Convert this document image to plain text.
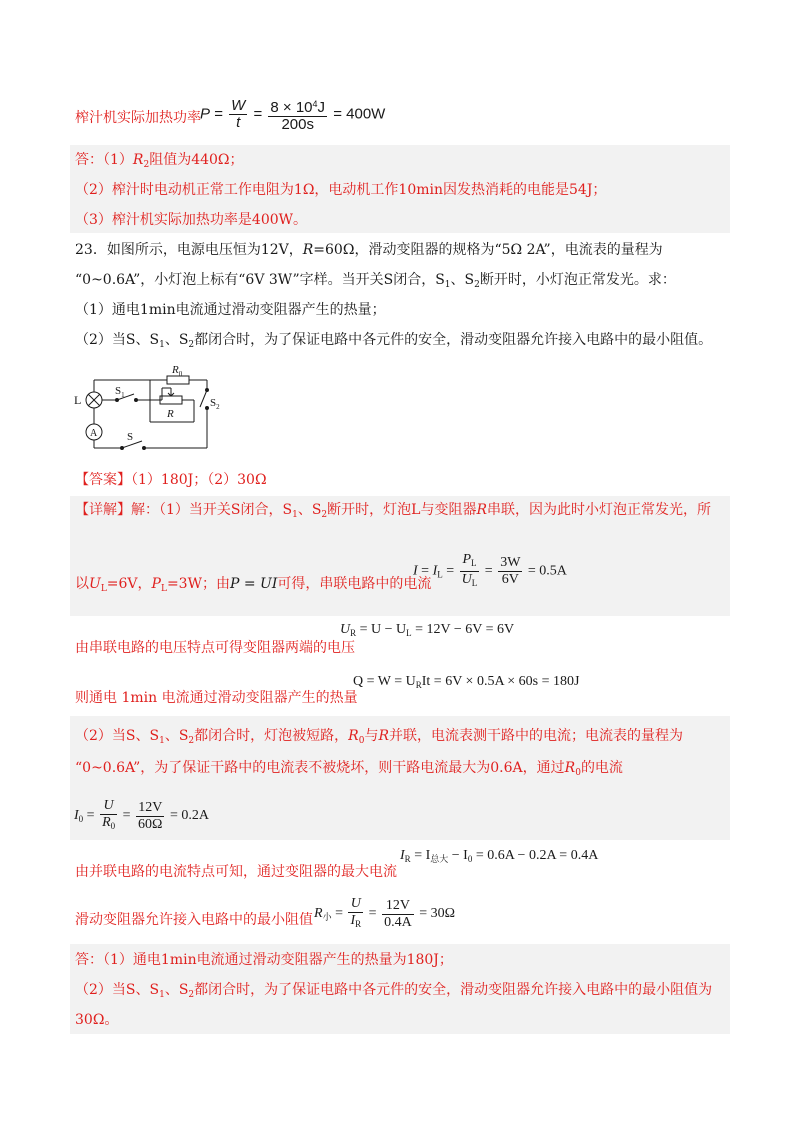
榨汁机实际加热功率 $P = \frac{W}{t} = \frac{8 \times 10^4J}{200s} = 400W$
答：$(1)R_2$阻值为440Ω；
（2）榨汁时电动机正常工作电阻为1Ω，电动机工作10min因发热消耗的电能是54J；
（3）榨汁机实际加热功率是400W。
23．如图所示，电源电压恒为12V，R=60Ω，滑动变阻器的规格为“5Ω 2A”，电流表的量程为
“0~0.6A”，小灯泡上标有“6V 3W”字样。当开关S闭合，$S_1$、$S_2$断开时，小灯泡正常发光。求：
（1）通电1min电流通过滑动变阻器产生的热量；
（2）当S、$S_1$、$S_2$都闭合时，为了保证电路中各元件的安全，滑动变阻器允许接入电路中的最小阻值。
L
$S_1$
$R_0$
$S_2$
R
A	S
【答案】（1）180J；（2）30Ω
【详解】解：（1）当开关S闭合，$S_1$、$S_2$断开时，灯泡L与变阻器R串联，因为此时小灯泡正常发光，所
以$U_L=6V$，$P_L=3W$；由P = UI可得，串联电路中的电流
$I = I_L = \frac{P_L}{U_L} = \frac{3W}{6V} = 0.5A$
由串联电路的电压特点可得变阻器两端的电压
$U_R = U - U_L = 12V - 6V = 6V$
则通电 1min 电流通过滑动变阻器产生的热量
$Q = W = U_RIt = 6V \times 0.5A \times 60s = 180J$
（2）当S、$S_1$、$S_2$都闭合时，灯泡被短路，$R_0$与R并联，电流表测干路中的电流；电流表的量程为
“0~0.6A”，为了保证干路中的电流表不被烧坏，则干路电流最大为0.6A，通过$R_0$的电流
$I_0 = \frac{U}{R_0} = \frac{12V}{60\Omega} = 0.2A$
由并联电路的电流特点可知，通过变阻器的最大电流
$I_R = I_{总大} - I_0 = 0.6A - 0.2A = 0.4A$
滑动变阻器允许接入电路中的最小阻值 $R_小 = \frac{U}{I_R} = \frac{12V}{0.4A} = 30\Omega$
答：（1）通电1min电流通过滑动变阻器产生的热量为180J；
（2）当S、$S_1$、$S_2$都闭合时，为了保证电路中各元件的安全，滑动变阻器允许接入电路中的最小阻值为
30Ω。
